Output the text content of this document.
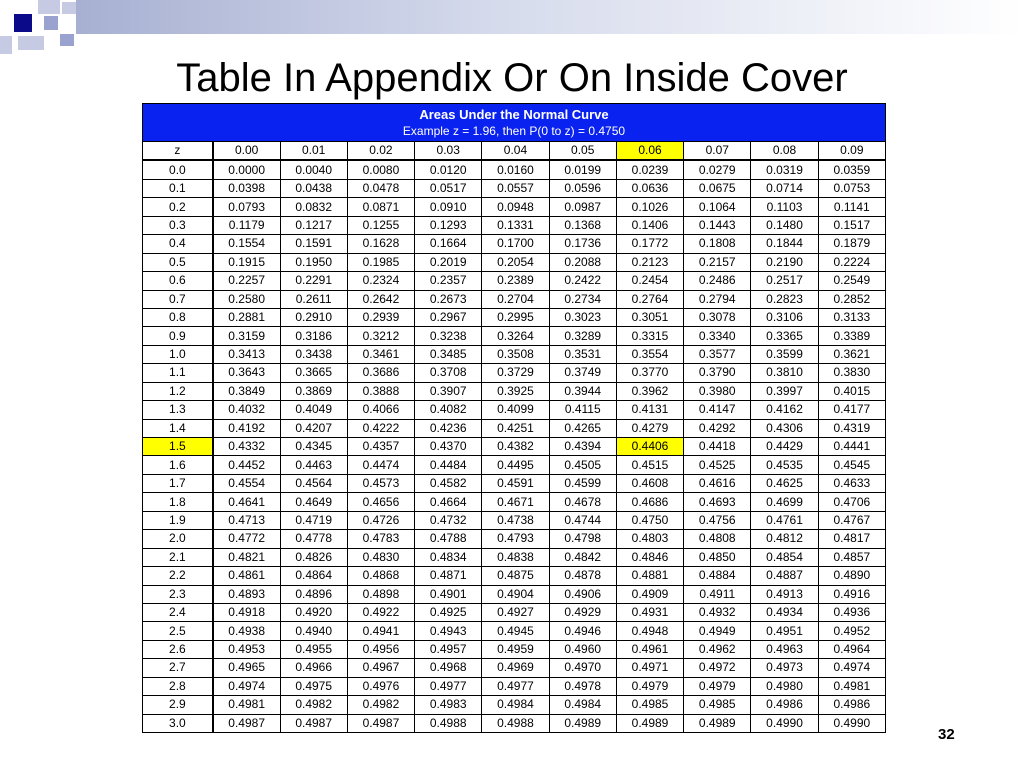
Table In Appendix Or On Inside Cover
Areas Under the Normal Curve
Example z = 1.96, then P(0 to z) = 0.4750										

z	0.00	0.01	0.02	0.03	0.04	0.05	0.06	0.07	0.08	0.09
0.0	0.0000	0.0040	0.0080	0.0120	0.0160	0.0199	0.0239	0.0279	0.0319	0.0359
0.1	0.0398	0.0438	0.0478	0.0517	0.0557	0.0596	0.0636	0.0675	0.0714	0.0753
0.2	0.0793	0.0832	0.0871	0.0910	0.0948	0.0987	0.1026	0.1064	0.1103	0.1141
0.3	0.1179	0.1217	0.1255	0.1293	0.1331	0.1368	0.1406	0.1443	0.1480	0.1517
0.4	0.1554	0.1591	0.1628	0.1664	0.1700	0.1736	0.1772	0.1808	0.1844	0.1879
0.5	0.1915	0.1950	0.1985	0.2019	0.2054	0.2088	0.2123	0.2157	0.2190	0.2224
0.6	0.2257	0.2291	0.2324	0.2357	0.2389	0.2422	0.2454	0.2486	0.2517	0.2549
0.7	0.2580	0.2611	0.2642	0.2673	0.2704	0.2734	0.2764	0.2794	0.2823	0.2852
0.8	0.2881	0.2910	0.2939	0.2967	0.2995	0.3023	0.3051	0.3078	0.3106	0.3133
0.9	0.3159	0.3186	0.3212	0.3238	0.3264	0.3289	0.3315	0.3340	0.3365	0.3389
1.0	0.3413	0.3438	0.3461	0.3485	0.3508	0.3531	0.3554	0.3577	0.3599	0.3621
1.1	0.3643	0.3665	0.3686	0.3708	0.3729	0.3749	0.3770	0.3790	0.3810	0.3830
1.2	0.3849	0.3869	0.3888	0.3907	0.3925	0.3944	0.3962	0.3980	0.3997	0.4015
1.3	0.4032	0.4049	0.4066	0.4082	0.4099	0.4115	0.4131	0.4147	0.4162	0.4177
1.4	0.4192	0.4207	0.4222	0.4236	0.4251	0.4265	0.4279	0.4292	0.4306	0.4319
1.5	0.4332	0.4345	0.4357	0.4370	0.4382	0.4394	0.4406	0.4418	0.4429	0.4441
1.6	0.4452	0.4463	0.4474	0.4484	0.4495	0.4505	0.4515	0.4525	0.4535	0.4545
1.7	0.4554	0.4564	0.4573	0.4582	0.4591	0.4599	0.4608	0.4616	0.4625	0.4633
1.8	0.4641	0.4649	0.4656	0.4664	0.4671	0.4678	0.4686	0.4693	0.4699	0.4706
1.9	0.4713	0.4719	0.4726	0.4732	0.4738	0.4744	0.4750	0.4756	0.4761	0.4767
2.0	0.4772	0.4778	0.4783	0.4788	0.4793	0.4798	0.4803	0.4808	0.4812	0.4817
2.1	0.4821	0.4826	0.4830	0.4834	0.4838	0.4842	0.4846	0.4850	0.4854	0.4857
2.2	0.4861	0.4864	0.4868	0.4871	0.4875	0.4878	0.4881	0.4884	0.4887	0.4890
2.3	0.4893	0.4896	0.4898	0.4901	0.4904	0.4906	0.4909	0.4911	0.4913	0.4916
2.4	0.4918	0.4920	0.4922	0.4925	0.4927	0.4929	0.4931	0.4932	0.4934	0.4936
2.5	0.4938	0.4940	0.4941	0.4943	0.4945	0.4946	0.4948	0.4949	0.4951	0.4952
2.6	0.4953	0.4955	0.4956	0.4957	0.4959	0.4960	0.4961	0.4962	0.4963	0.4964
2.7	0.4965	0.4966	0.4967	0.4968	0.4969	0.4970	0.4971	0.4972	0.4973	0.4974
2.8	0.4974	0.4975	0.4976	0.4977	0.4977	0.4978	0.4979	0.4979	0.4980	0.4981
2.9	0.4981	0.4982	0.4982	0.4983	0.4984	0.4984	0.4985	0.4985	0.4986	0.4986
3.0	0.4987	0.4987	0.4987	0.4988	0.4988	0.4989	0.4989	0.4989	0.4990	0.4990
32
